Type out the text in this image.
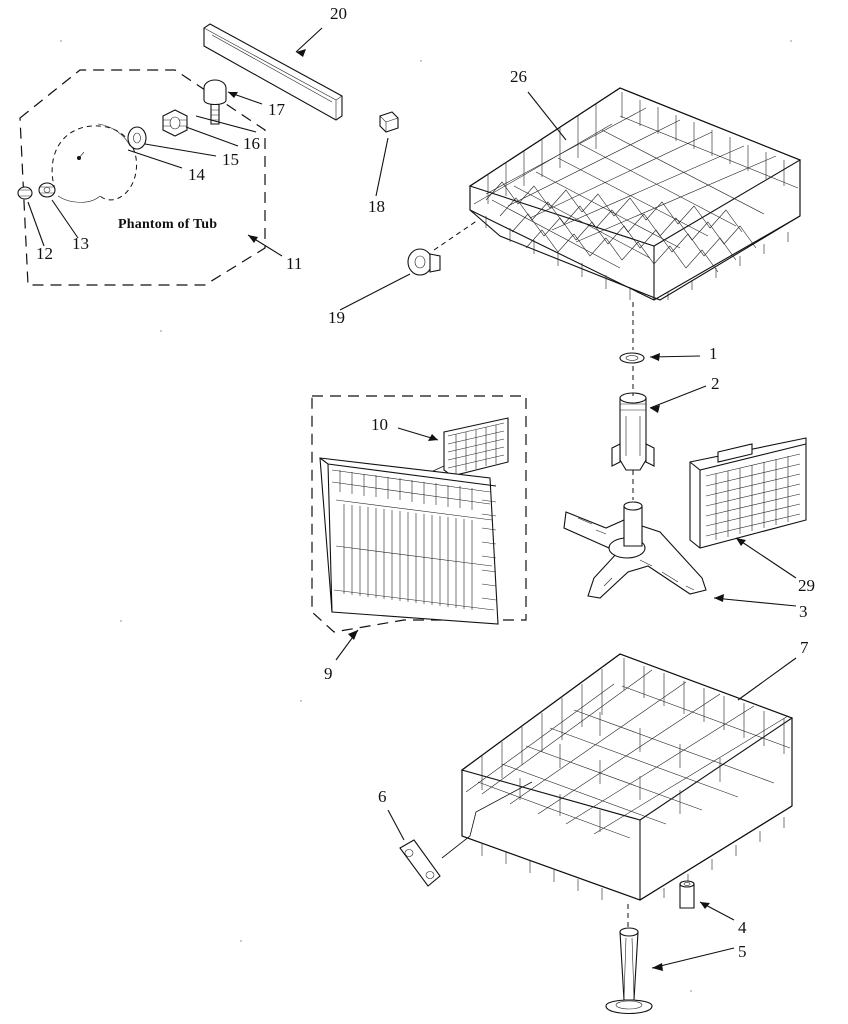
Phantom of Tub
20
17
16
15
14
13
12
11
18
26
19
1
2
10
29
3
9
7
6
4
5
